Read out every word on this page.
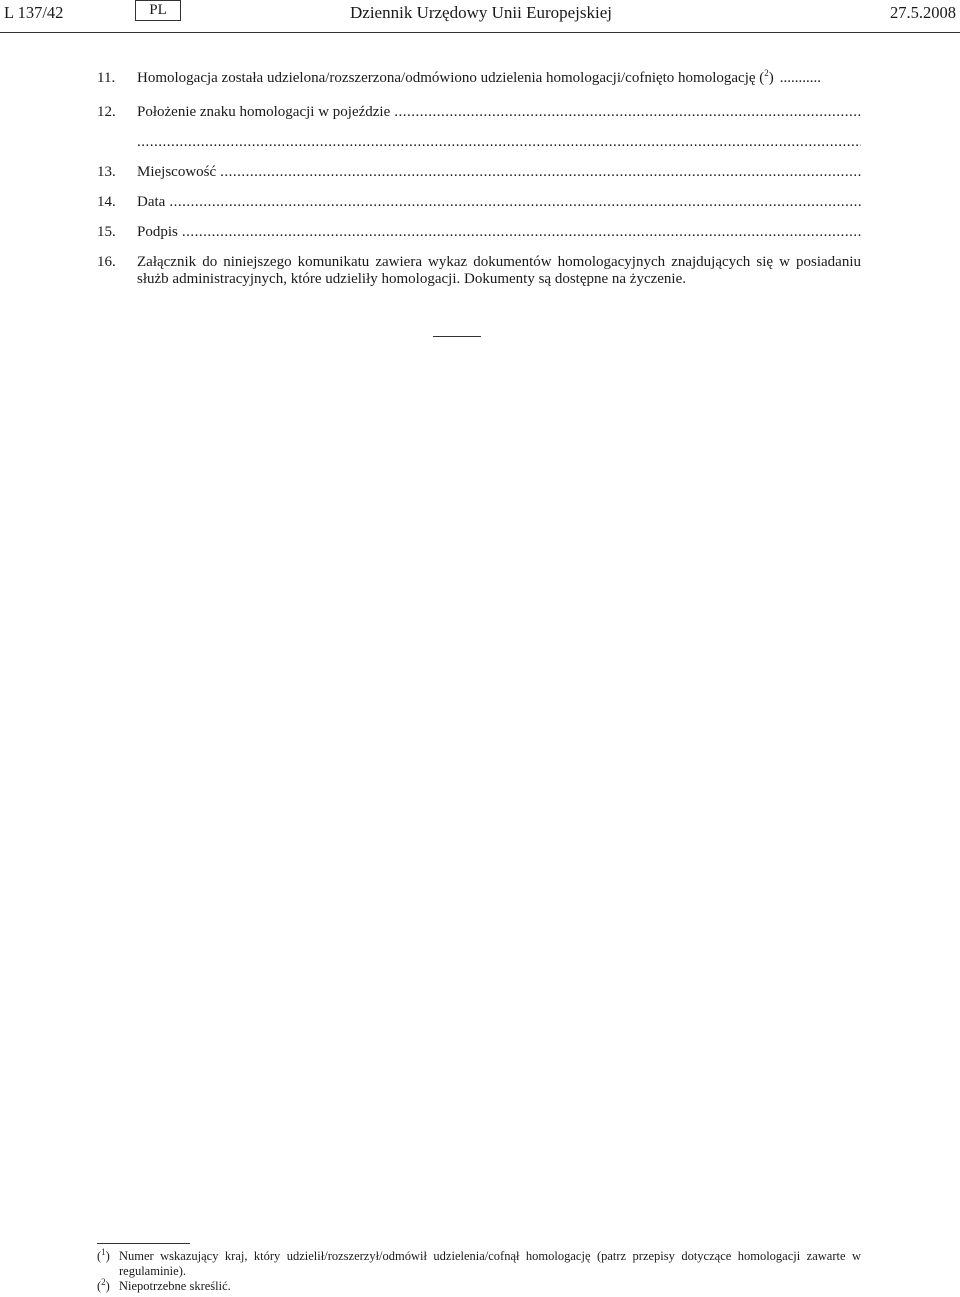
L 137/42	PL	Dziennik Urzędowy Unii Europejskiej	27.5.2008
11.	Homologacja została udzielona/rozszerzona/odmówiono udzielenia homologacji/cofnięto homologację ($^2$) ...........
12.	Położenie znaku homologacji w pojeździe
.....
.....
13.	Miejscowość
.....
14.	Data
.....
15.	Podpis
.....
16.	Załącznik do niniejszego komunikatu zawiera wykaz dokumentów homologacyjnych znajdujących się w posiadaniu służb administracyjnych, które udzieliły homologacji. Dokumenty są dostępne na życzenie.
($^1$) Numer wskazujący kraj, który udzielił/rozszerzył/odmówił udzielenia/cofnął homologację (patrz przepisy dotyczące homologacji zawarte w regulaminie).
($^2$) Niepotrzebne skreślić.
